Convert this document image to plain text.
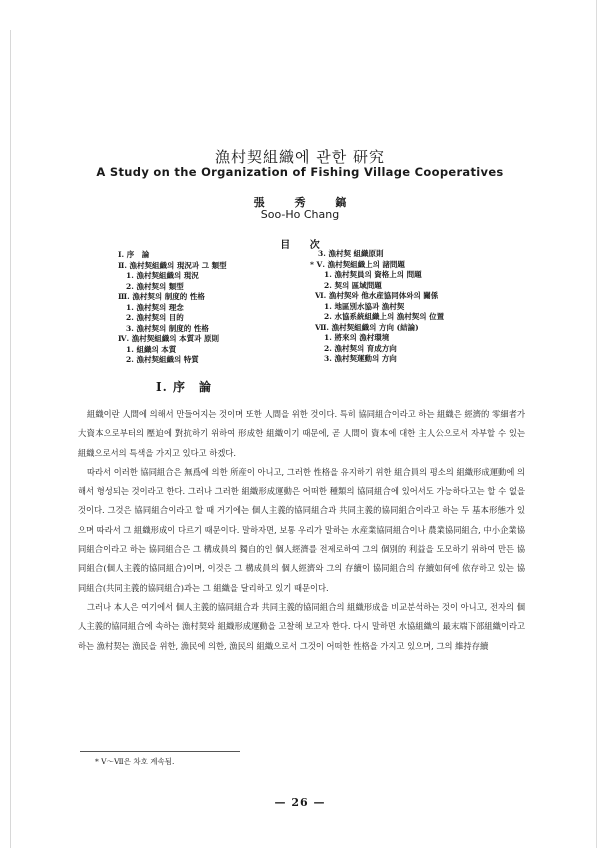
漁村契組織에 관한 研究
A Study on the Organization of Fishing Village Cooperatives
張 秀 鎬
Soo-Ho Chang
目 次
Ⅰ. 序　論
Ⅱ. 漁村契組織의 現況과 그 類型
1. 漁村契組織의 現況
2. 漁村契의 類型
Ⅲ. 漁村契의 制度的 性格
1. 漁村契의 理念
2. 漁村契의 目的
3. 漁村契의 制度的 性格
Ⅳ. 漁村契組織의 本質과 原則
1. 組織의 本質
2. 漁村契組織의 特質
3. 漁村契 組織原則
* Ⅴ. 漁村契組織上의 諸問題
1. 漁村契員의 資格上의 問題
2. 契의 區域問題
Ⅵ. 漁村契와 他水産協同体와의 關係
1. 地區別水協과 漁村契
2. 水協系統組織上의 漁村契의 位置
Ⅶ. 漁村契組織의 方向 (結論)
1. 將來의 漁村環境
2. 漁村契의 育成方向
3. 漁村契運動의 方向
Ⅰ. 序　論

組織이란 人間에 의해서 만들어지는 것이며 또한 人間을 위한 것이다. 특히 協同組合이라고 하는 組織은 經濟的 零細者가 大資本으로부터의 壓迫에 對抗하기 위하여 形成한 組織이기 때문에, 곧 人間이 資本에 대한 主人公으로서 자부할 수 있는 組織으로서의 특색을 가지고 있다고 하겠다.

따라서 이러한 協同組合은 無爲에 의한 所産이 아니고, 그러한 性格을 유지하기 위한 組合員의 평소의 組織形成運動에 의해서 형성되는 것이라고 한다. 그러나 그러한 組織形成運動은 어떠한 種類의 協同組合에 있어서도 가능하다고는 할 수 없을 것이다. 그것은 協同組合이라고 할 때 거기에는 個人主義的協同組合과 共同主義的協同組合이라고 하는 두 基本形態가 있으며 따라서 그 組織形成이 다르기 때문이다. 말하자면, 보통 우리가 말하는 水産業協同組合이나 農業協同組合, 中小企業協同組合이라고 하는 協同組合은 그 構成員의 獨自的인 個人經濟를 전제로하여 그의 個別的 利益을 도모하기 위하여 만든 協同組合(個人主義的協同組合)이며, 이것은 그 構成員의 個人經濟와 그의 存續이 協同組合의 存續如何에 依存하고 있는 協同組合(共同主義的協同組合)과는 그 組織을 달리하고 있기 때문이다.

그러나 本人은 여기에서 個人主義的協同組合과 共同主義的協同組合의 組織形成을 비교분석하는 것이 아니고, 전자의 個人主義的協同組合에 속하는 漁村契와 組織形成運動을 고찰해 보고자 한다. 다시 말하면 水協組織의 最末端下部組織이라고 하는 漁村契는 漁民을 위한, 漁民에 의한, 漁民의 組織으로서 그것이 어떠한 性格을 가지고 있으며, 그의 維持存續

* Ⅴ～Ⅶ은 차호 계속됨.
— 26 —
